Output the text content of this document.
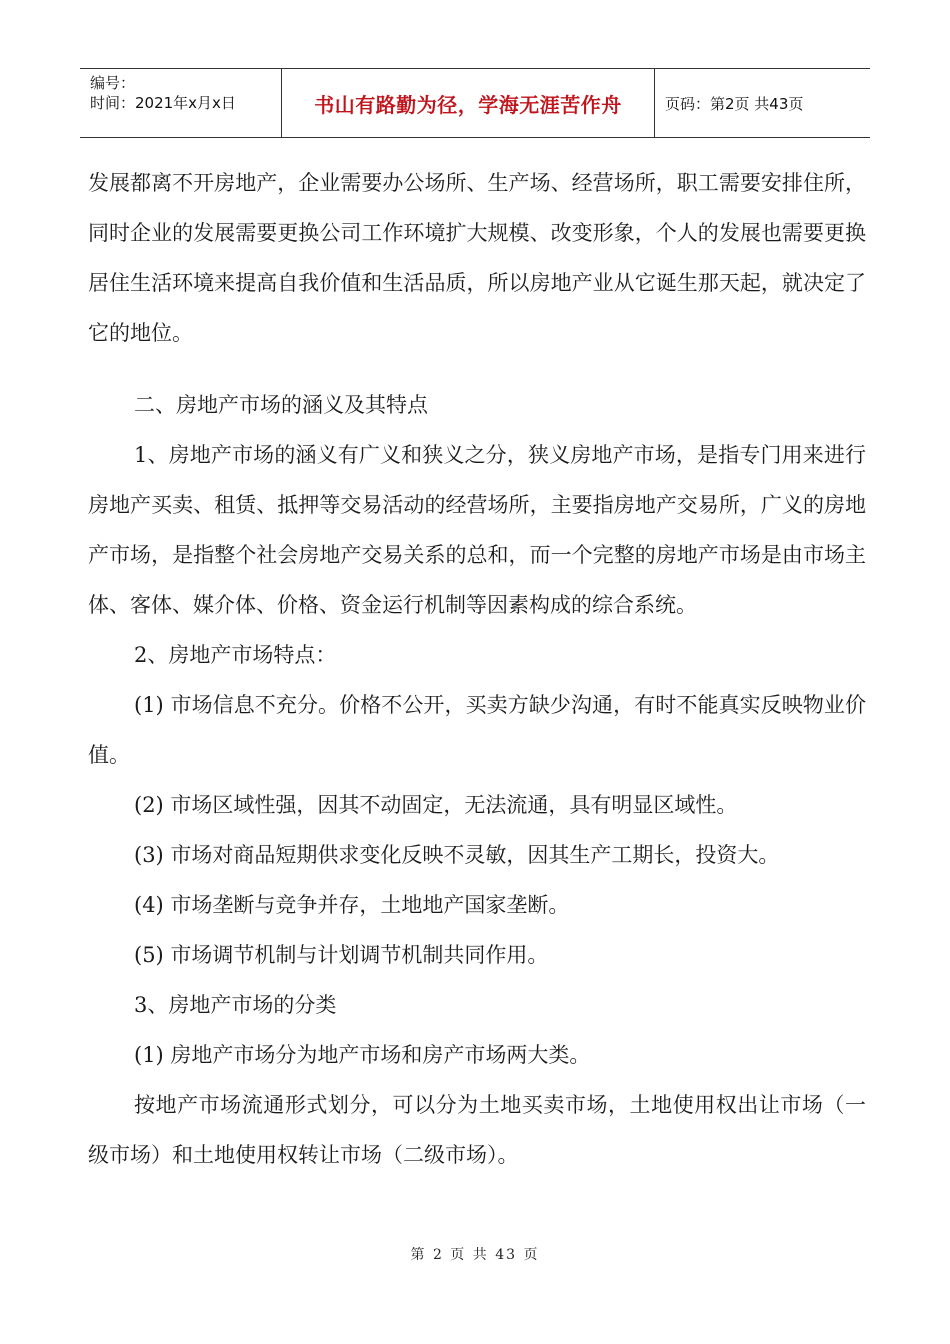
编号：
时间：2021年x月x日	书山有路勤为径，学海无涯苦作舟	页码：第2页 共43页

发展都离不开房地产，企业需要办公场所、生产场、经营场所，职工需要安排住所，同时企业的发展需要更换公司工作环境扩大规模、改变形象，个人的发展也需要更换居住生活环境来提高自我价值和生活品质，所以房地产业从它诞生那天起，就决定了它的地位。

二、房地产市场的涵义及其特点

1、房地产市场的涵义有广义和狭义之分，狭义房地产市场，是指专门用来进行房地产买卖、租赁、抵押等交易活动的经营场所，主要指房地产交易所，广义的房地产市场，是指整个社会房地产交易关系的总和，而一个完整的房地产市场是由市场主体、客体、媒介体、价格、资金运行机制等因素构成的综合系统。

2、房地产市场特点：

(1) 市场信息不充分。价格不公开，买卖方缺少沟通，有时不能真实反映物业价值。

(2) 市场区域性强，因其不动固定，无法流通，具有明显区域性。

(3) 市场对商品短期供求变化反映不灵敏，因其生产工期长，投资大。

(4) 市场垄断与竞争并存，土地地产国家垄断。

(5) 市场调节机制与计划调节机制共同作用。

3、房地产市场的分类

(1) 房地产市场分为地产市场和房产市场两大类。

按地产市场流通形式划分，可以分为土地买卖市场，土地使用权出让市场（一级市场）和土地使用权转让市场（二级市场）。

第 2 页 共 43 页
